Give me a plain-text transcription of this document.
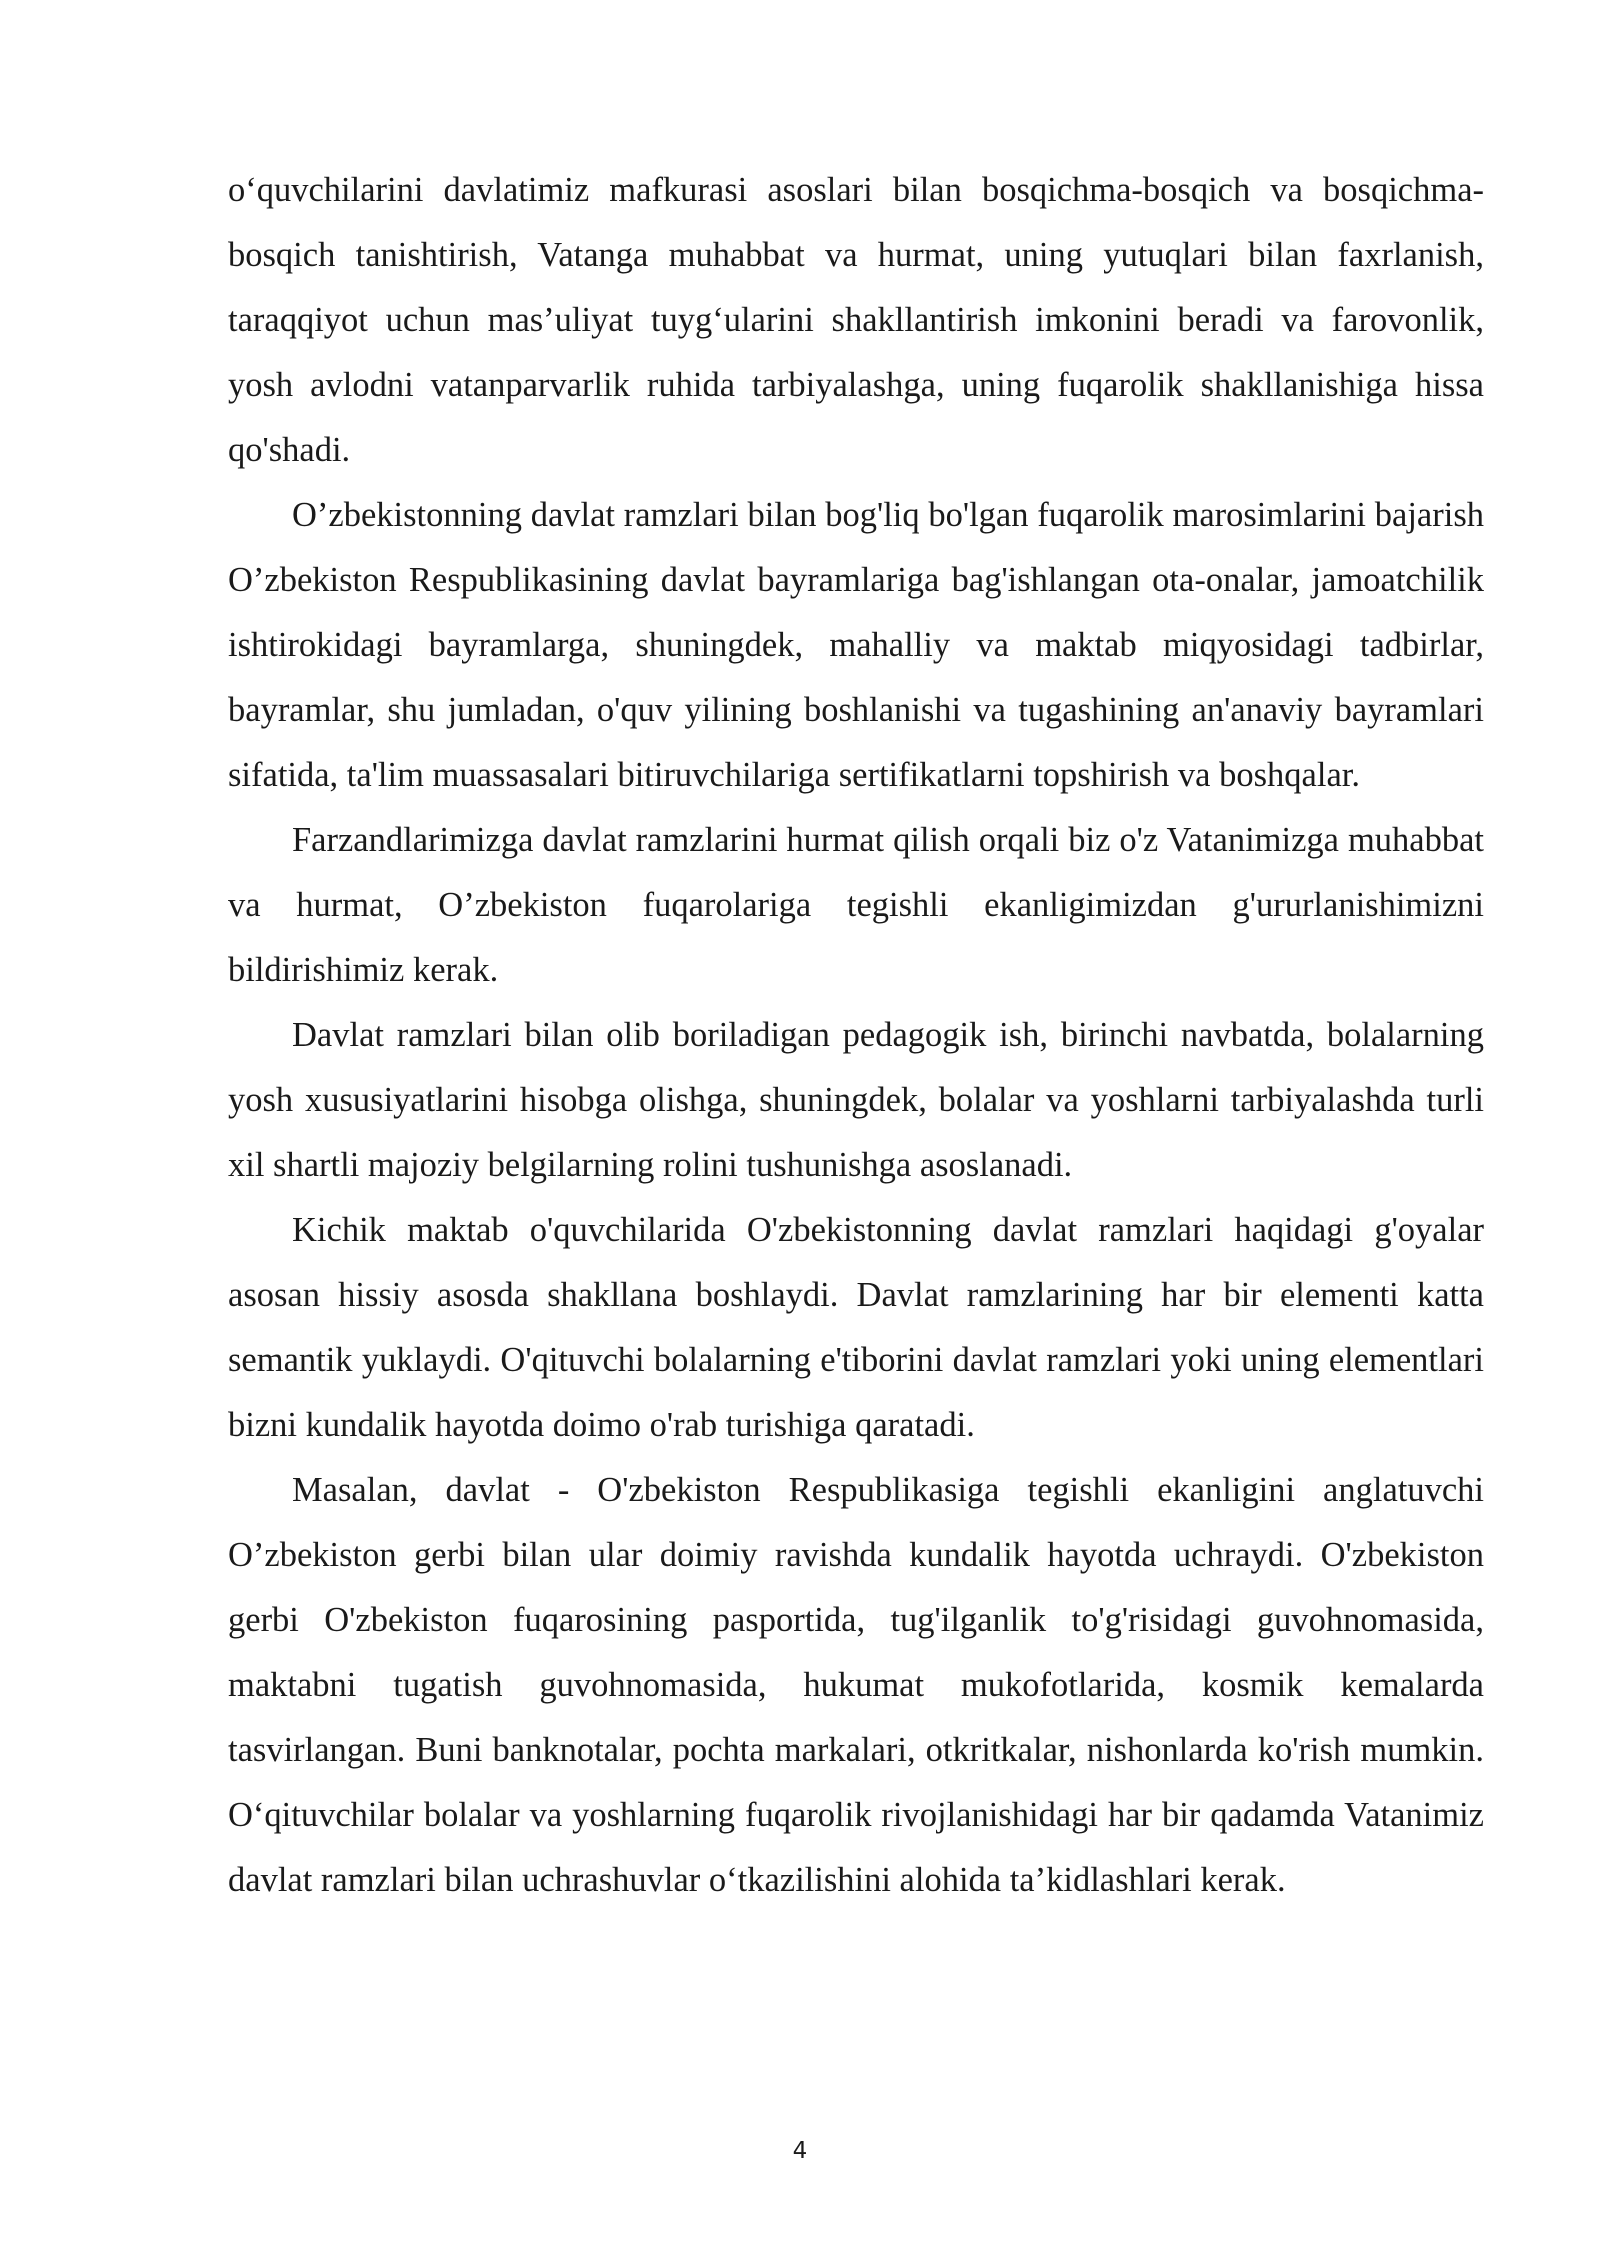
o‘quvchilarini davlatimiz mafkurasi asoslari bilan bosqichma-bosqich va bosqichma-bosqich tanishtirish, Vatanga muhabbat va hurmat, uning yutuqlari bilan faxrlanish, taraqqiyot uchun mas’uliyat tuyg‘ularini shakllantirish imkonini beradi va farovonlik, yosh avlodni vatanparvarlik ruhida tarbiyalashga, uning fuqarolik shakllanishiga hissa qo'shadi.

O’zbekistonning davlat ramzlari bilan bog'liq bo'lgan fuqarolik marosimlarini bajarish O’zbekiston Respublikasining davlat bayramlariga bag'ishlangan ota-onalar, jamoatchilik ishtirokidagi bayramlarga, shuningdek, mahalliy va maktab miqyosidagi tadbirlar, bayramlar, shu jumladan, o'quv yilining boshlanishi va tugashining an'anaviy bayramlari sifatida, ta'lim muassasalari bitiruvchilariga sertifikatlarni topshirish va boshqalar.

Farzandlarimizga davlat ramzlarini hurmat qilish orqali biz o'z Vatanimizga muhabbat va hurmat, O’zbekiston fuqarolariga tegishli ekanligimizdan g'ururlanishimizni bildirishimiz kerak.

Davlat ramzlari bilan olib boriladigan pedagogik ish, birinchi navbatda, bolalarning yosh xususiyatlarini hisobga olishga, shuningdek, bolalar va yoshlarni tarbiyalashda turli xil shartli majoziy belgilarning rolini tushunishga asoslanadi.

Kichik maktab o'quvchilarida O'zbekistonning davlat ramzlari haqidagi g'oyalar asosan hissiy asosda shakllana boshlaydi. Davlat ramzlarining har bir elementi katta semantik yuklaydi. O'qituvchi bolalarning e'tiborini davlat ramzlari yoki uning elementlari bizni kundalik hayotda doimo o'rab turishiga qaratadi.

Masalan, davlat - O'zbekiston Respublikasiga tegishli ekanligini anglatuvchi O’zbekiston gerbi bilan ular doimiy ravishda kundalik hayotda uchraydi. O'zbekiston gerbi O'zbekiston fuqarosining pasportida, tug'ilganlik to'g'risidagi guvohnomasida, maktabni tugatish guvohnomasida, hukumat mukofotlarida, kosmik kemalarda tasvirlangan. Buni banknotalar, pochta markalari, otkritkalar, nishonlarda ko'rish mumkin. O‘qituvchilar bolalar va yoshlarning fuqarolik rivojlanishidagi har bir qadamda Vatanimiz davlat ramzlari bilan uchrashuvlar o‘tkazilishini alohida ta’kidlashlari kerak.

4
